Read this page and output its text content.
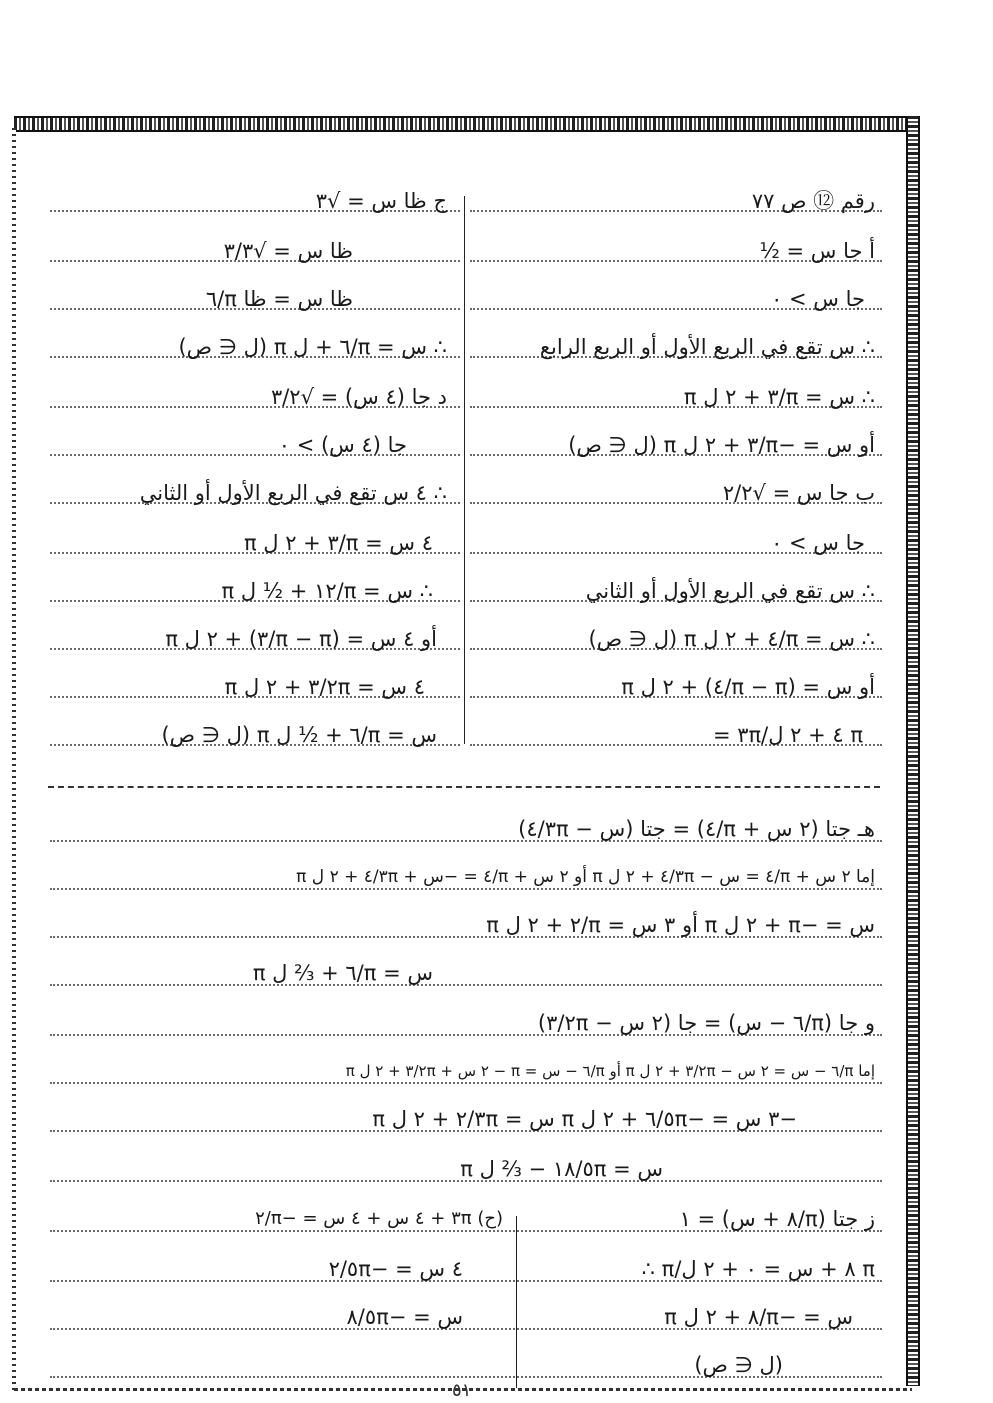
رقم ⑫ ص ٧٧
أ جا س = ½
جا س > ٠
∴ س تقع في الربع الأول أو الربع الرابع
∴ س = π/٣ + ٢ ل π
أو س = −π/٣ + ٢ ل π (ل ∈ ص)
ب جا س = √٢/٢
جا س > ٠
∴ س تقع في الربع الأول أو الثاني
∴ س = π/٤ + ٢ ل π (ل ∈ ص)
أو س = (π − π/٤) + ٢ ل π
= ٣π/٤ + ٢ ل π
ج ظا س = √٣
ظا س = √٣/٣
ظا س = ظا π/٦
∴ س = π/٦ + ل π (ل ∈ ص)
د جا (٤ س) = √٣/٢
جا (٤ س) > ٠
∴ ٤ س تقع في الربع الأول أو الثاني
٤ س = π/٣ + ٢ ل π
∴ س = π/١٢ + ½ ل π
أو ٤ س = (π − π/٣) + ٢ ل π
٤ س = ٢π/٣ + ٢ ل π
س = π/٦ + ½ ل π (ل ∈ ص)
هـ جتا (٢ س + π/٤) = جتا (س − ٣π/٤)
إما ٢ س + π/٤ = س − ٣π/٤ + ٢ ل π أو ٢ س + π/٤ = −س + ٣π/٤ + ٢ ل π
س = −π + ٢ ل π أو ٣ س = π/٢ + ٢ ل π
س = π/٦ + ⅔ ل π
و جا (π/٦ − س) = جا (٢ س − ٢π/٣)
إما π/٦ − س = ٢ س − ٢π/٣ + ٢ ل π أو π/٦ − س = π − ٢ س + ٢π/٣ + ٢ ل π
−٣ س = −٥π/٦ + ٢ ل π س = ٣π/٢ + ٢ ل π
س = ٥π/١٨ − ⅔ ل π
ز جتا (π/٨ + س) = ١
∴ π/٨ + س = ٠ + ٢ ل π
س = −π/٨ + ٢ ل π
(ل ∈ ص)
(ح) ٣π + ٤ س + ٤ س = −π/٢
٤ س = −٥π/٢
س = −٥π/٨
٥١
